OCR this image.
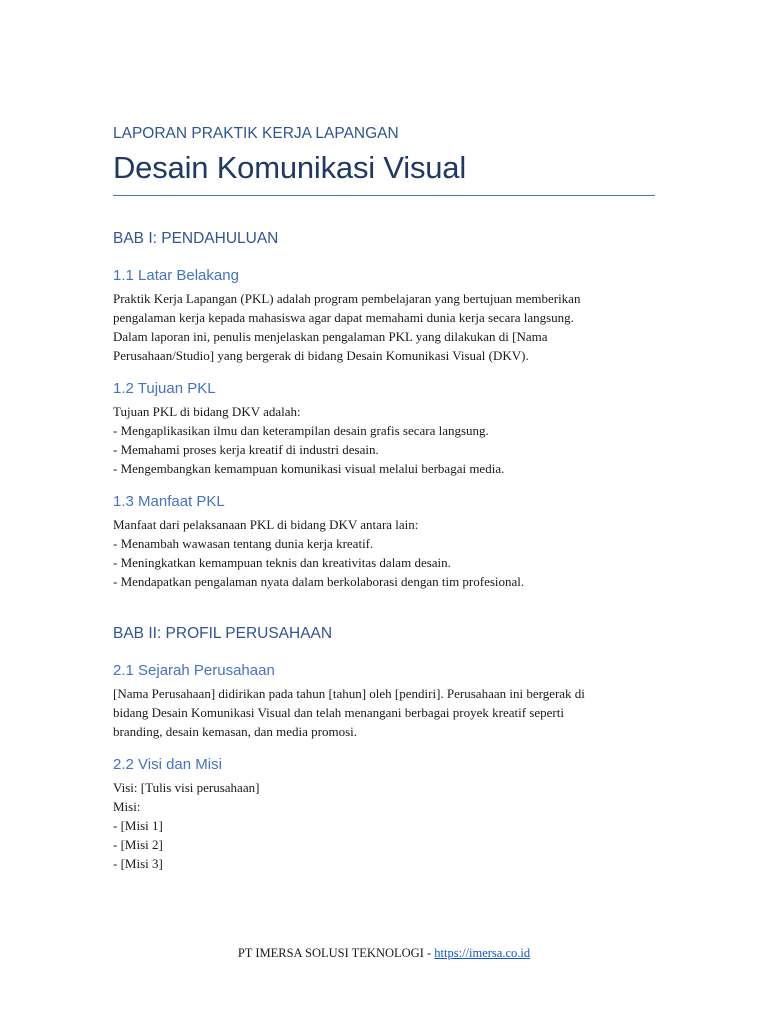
LAPORAN PRAKTIK KERJA LAPANGAN
Desain Komunikasi Visual
BAB I: PENDAHULUAN
1.1 Latar Belakang
Praktik Kerja Lapangan (PKL) adalah program pembelajaran yang bertujuan memberikan
pengalaman kerja kepada mahasiswa agar dapat memahami dunia kerja secara langsung.
Dalam laporan ini, penulis menjelaskan pengalaman PKL yang dilakukan di [Nama
Perusahaan/Studio] yang bergerak di bidang Desain Komunikasi Visual (DKV).
1.2 Tujuan PKL
Tujuan PKL di bidang DKV adalah:
- Mengaplikasikan ilmu dan keterampilan desain grafis secara langsung.
- Memahami proses kerja kreatif di industri desain.
- Mengembangkan kemampuan komunikasi visual melalui berbagai media.
1.3 Manfaat PKL
Manfaat dari pelaksanaan PKL di bidang DKV antara lain:
- Menambah wawasan tentang dunia kerja kreatif.
- Meningkatkan kemampuan teknis dan kreativitas dalam desain.
- Mendapatkan pengalaman nyata dalam berkolaborasi dengan tim profesional.
BAB II: PROFIL PERUSAHAAN
2.1 Sejarah Perusahaan
[Nama Perusahaan] didirikan pada tahun [tahun] oleh [pendiri]. Perusahaan ini bergerak di
bidang Desain Komunikasi Visual dan telah menangani berbagai proyek kreatif seperti
branding, desain kemasan, dan media promosi.
2.2 Visi dan Misi
Visi: [Tulis visi perusahaan]
Misi:
- [Misi 1]
- [Misi 2]
- [Misi 3]
PT IMERSA SOLUSI TEKNOLOGI - https://imersa.co.id
